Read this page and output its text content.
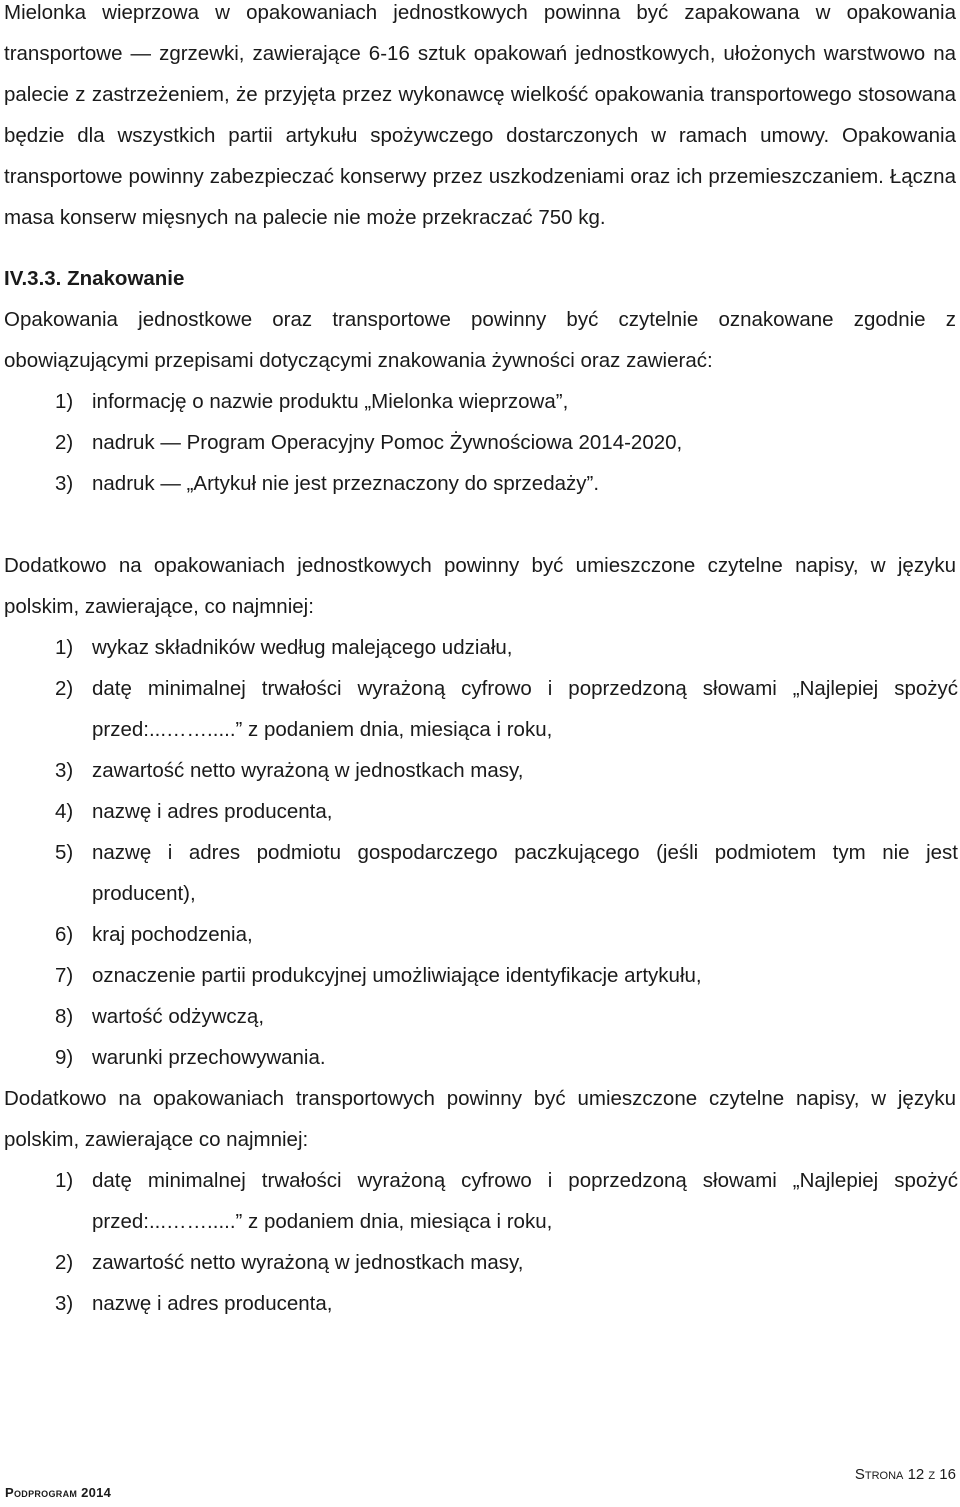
Mielonka wieprzowa w opakowaniach jednostkowych powinna być zapakowana w opakowania transportowe — zgrzewki, zawierające 6-16 sztuk opakowań jednostkowych, ułożonych warstwowo na palecie z zastrzeżeniem, że przyjęta przez wykonawcę wielkość opakowania transportowego stosowana będzie dla wszystkich partii artykułu spożywczego dostarczonych w ramach umowy. Opakowania transportowe powinny zabezpieczać konserwy przez uszkodzeniami oraz ich przemieszczaniem. Łączna masa konserw mięsnych na palecie nie może przekraczać 750 kg.

IV.3.3. Znakowanie

Opakowania jednostkowe oraz transportowe powinny być czytelnie oznakowane zgodnie z obowiązującymi przepisami dotyczącymi znakowania żywności oraz zawierać:

1) informację o nazwie produktu „Mielonka wieprzowa”,
2) nadruk — Program Operacyjny Pomoc Żywnościowa 2014-2020,
3) nadruk — „Artykuł nie jest przeznaczony do sprzedaży”.

Dodatkowo na opakowaniach jednostkowych powinny być umieszczone czytelne napisy, w języku polskim, zawierające, co najmniej:

1) wykaz składników według malejącego udziału,
2) datę minimalnej trwałości wyrażoną cyfrowo i poprzedzoną słowami „Najlepiej spożyć przed:...…….....” z podaniem dnia, miesiąca i roku,
3) zawartość netto wyrażoną w jednostkach masy,
4) nazwę i adres producenta,
5) nazwę i adres podmiotu gospodarczego paczkującego (jeśli podmiotem tym nie jest producent),
6) kraj pochodzenia,
7) oznaczenie partii produkcyjnej umożliwiające identyfikacje artykułu,
8) wartość odżywczą,
9) warunki przechowywania.

Dodatkowo na opakowaniach transportowych powinny być umieszczone czytelne napisy, w języku polskim, zawierające co najmniej:

1) datę minimalnej trwałości wyrażoną cyfrowo i poprzedzoną słowami „Najlepiej spożyć przed:...…….....” z podaniem dnia, miesiąca i roku,
2) zawartość netto wyrażoną w jednostkach masy,
3) nazwę i adres producenta,
Podprogram 2014
Strona 12 z 16
